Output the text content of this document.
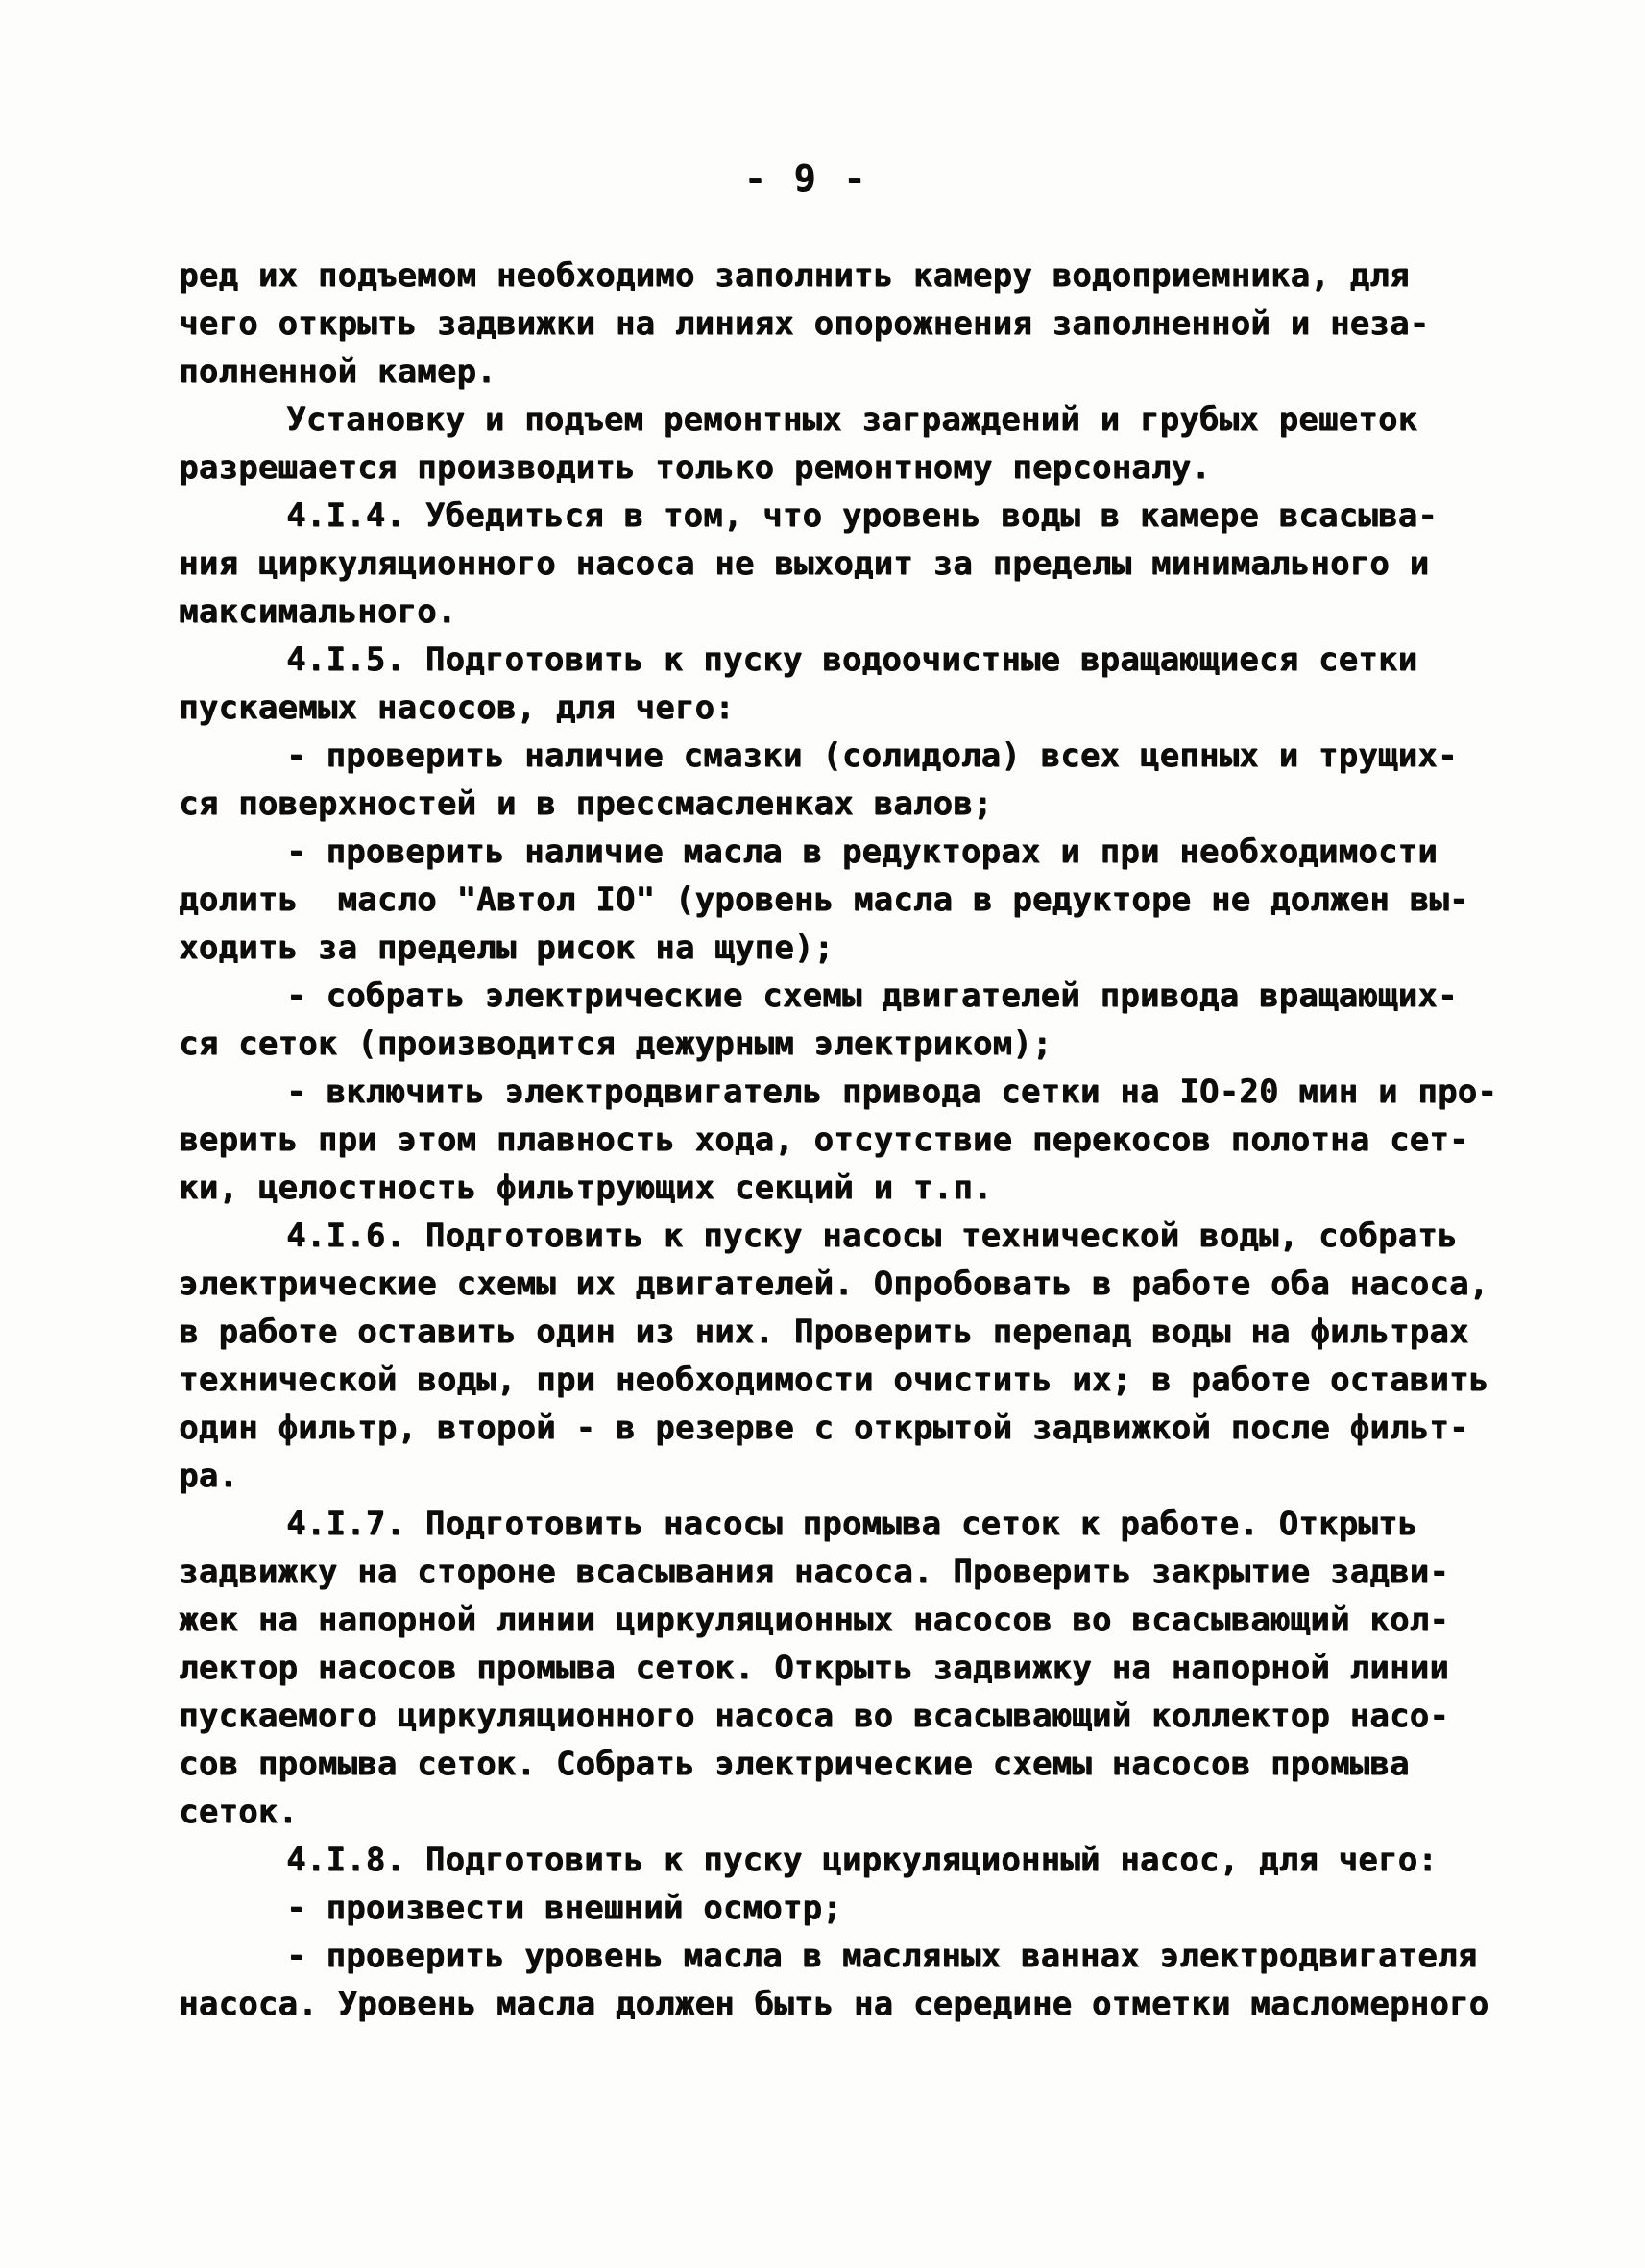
- 9 -
ред их подъемом необходимо заполнить камеру водоприемника, для
чего открыть задвижки на линиях опорожнения заполненной и неза-
полненной камер.
Установку и подъем ремонтных заграждений и грубых решеток
разрешается производить только ремонтному персоналу.
4.I.4. Убедиться в том, что уровень воды в камере всасыва-
ния циркуляционного насоса не выходит за пределы минимального и
максимального.
4.I.5. Подготовить к пуску водоочистные вращающиеся сетки
пускаемых насосов, для чего:
- проверить наличие смазки (солидола) всех цепных и трущих-
ся поверхностей и в прессмасленках валов;
- проверить наличие масла в редукторах и при необходимости
долить  масло "Автол IO" (уровень масла в редукторе не должен вы-
ходить за пределы рисок на щупе);
- собрать электрические схемы двигателей привода вращающих-
ся сеток (производится дежурным электриком);
- включить электродвигатель привода сетки на IO-20 мин и про-
верить при этом плавность хода, отсутствие перекосов полотна сет-
ки, целостность фильтрующих секций и т.п.
4.I.6. Подготовить к пуску насосы технической воды, собрать
электрические схемы их двигателей. Опробовать в работе оба насоса,
в работе оставить один из них. Проверить перепад воды на фильтрах
технической воды, при необходимости очистить их; в работе оставить
один фильтр, второй - в резерве с открытой задвижкой после фильт-
ра.
4.I.7. Подготовить насосы промыва сеток к работе. Открыть
задвижку на стороне всасывания насоса. Проверить закрытие задви-
жек на напорной линии циркуляционных насосов во всасывающий кол-
лектор насосов промыва сеток. Открыть задвижку на напорной линии
пускаемого циркуляционного насоса во всасывающий коллектор насо-
сов промыва сеток. Собрать электрические схемы насосов промыва
сеток.
4.I.8. Подготовить к пуску циркуляционный насос, для чего:
- произвести внешний осмотр;
- проверить уровень масла в масляных ваннах электродвигателя
насоса. Уровень масла должен быть на середине отметки масломерного
